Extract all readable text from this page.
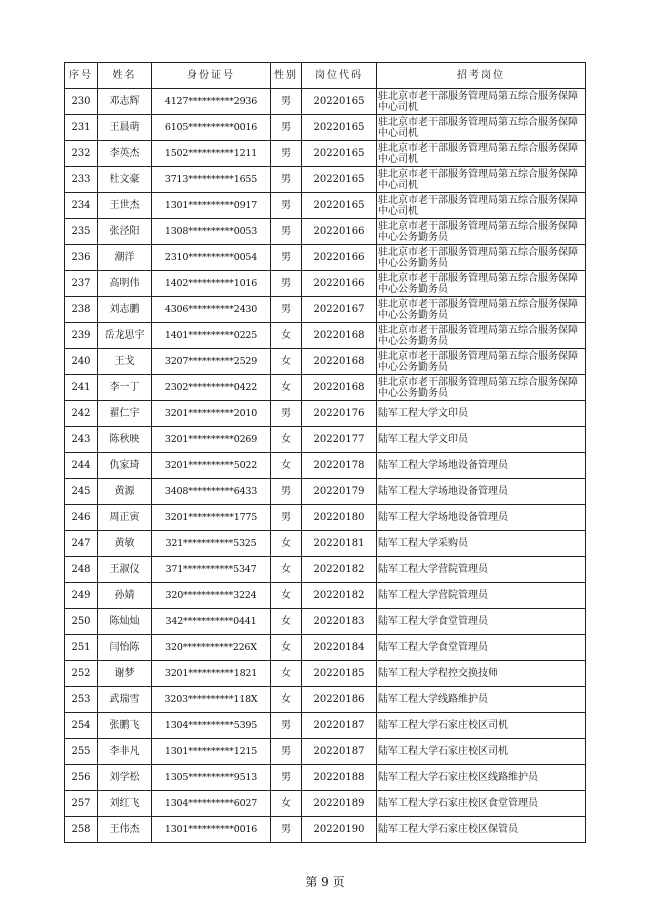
序号	姓名	身份证号	性别	岗位代码	招考岗位
230	邓志辉	4127**********2936	男	20220165	驻北京市老干部服务管理局第五综合服务保障中心司机
231	王晨萌	6105**********0016	男	20220165	驻北京市老干部服务管理局第五综合服务保障中心司机
232	李英杰	1502**********1211	男	20220165	驻北京市老干部服务管理局第五综合服务保障中心司机
233	杜文豪	3713**********1655	男	20220165	驻北京市老干部服务管理局第五综合服务保障中心司机
234	王世杰	1301**********0917	男	20220165	驻北京市老干部服务管理局第五综合服务保障中心司机
235	张泾阳	1308**********0053	男	20220166	驻北京市老干部服务管理局第五综合服务保障中心公务勤务员
236	潮洋	2310**********0054	男	20220166	驻北京市老干部服务管理局第五综合服务保障中心公务勤务员
237	高明伟	1402**********1016	男	20220166	驻北京市老干部服务管理局第五综合服务保障中心公务勤务员
238	刘志鹏	4306**********2430	男	20220167	驻北京市老干部服务管理局第五综合服务保障中心公务勤务员
239	岳龙思宇	1401**********0225	女	20220168	驻北京市老干部服务管理局第五综合服务保障中心公务勤务员
240	王戈	3207**********2529	女	20220168	驻北京市老干部服务管理局第五综合服务保障中心公务勤务员
241	李一丁	2302**********0422	女	20220168	驻北京市老干部服务管理局第五综合服务保障中心公务勤务员
242	翟仁宇	3201**********2010	男	20220176	陆军工程大学文印员
243	陈秋映	3201**********0269	女	20220177	陆军工程大学文印员
244	仇家琦	3201**********5022	女	20220178	陆军工程大学场地设备管理员
245	黄源	3408**********6433	男	20220179	陆军工程大学场地设备管理员
246	周正寅	3201**********1775	男	20220180	陆军工程大学场地设备管理员
247	黄敏	321***********5325	女	20220181	陆军工程大学采购员
248	王淑仪	371***********5347	女	20220182	陆军工程大学营院管理员
249	孙婧	320***********3224	女	20220182	陆军工程大学营院管理员
250	陈灿灿	342***********0441	女	20220183	陆军工程大学食堂管理员
251	闫怡陈	320***********226X	女	20220184	陆军工程大学食堂管理员
252	谢梦	3201**********1821	女	20220185	陆军工程大学程控交换技师
253	武瑞雪	3203**********118X	女	20220186	陆军工程大学线路维护员
254	张鹏飞	1304**********5395	男	20220187	陆军工程大学石家庄校区司机
255	李非凡	1301**********1215	男	20220187	陆军工程大学石家庄校区司机
256	刘学松	1305**********9513	男	20220188	陆军工程大学石家庄校区线路维护员
257	刘红飞	1304**********6027	女	20220189	陆军工程大学石家庄校区食堂管理员
258	王伟杰	1301**********0016	男	20220190	陆军工程大学石家庄校区保管员
第 9 页
